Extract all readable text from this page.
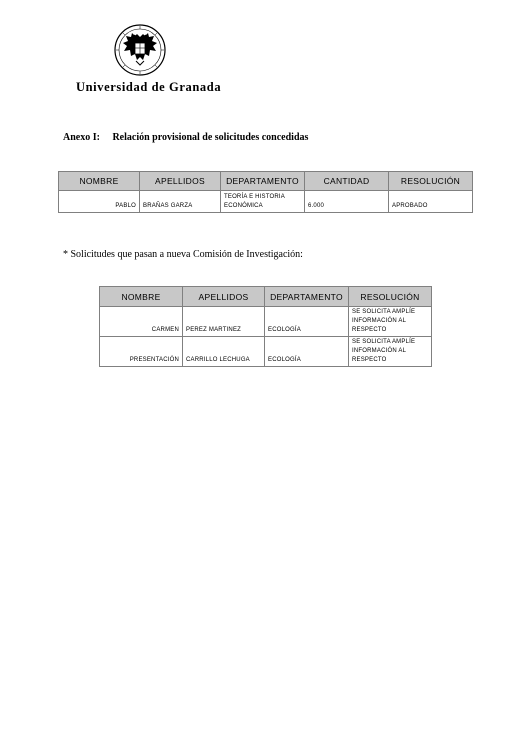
Universidad de Granada
Anexo I: Relación provisional de solicitudes concedidas
NOMBRE	APELLIDOS	DEPARTAMENTO	CANTIDAD	RESOLUCIÓN
PABLO	BRAÑAS GARZA	TEORÍA E HISTORIA ECONÓMICA	6.000	APROBADO
* Solicitudes que pasan a nueva Comisión de Investigación:
NOMBRE	APELLIDOS	DEPARTAMENTO	RESOLUCIÓN
CARMEN	PEREZ MARTINEZ	ECOLOGÍA	SE SOLICITA AMPLÍE INFORMACIÓN AL RESPECTO
PRESENTACIÓN	CARRILLO LECHUGA	ECOLOGÍA	SE SOLICITA AMPLÍE INFORMACIÓN AL RESPECTO
